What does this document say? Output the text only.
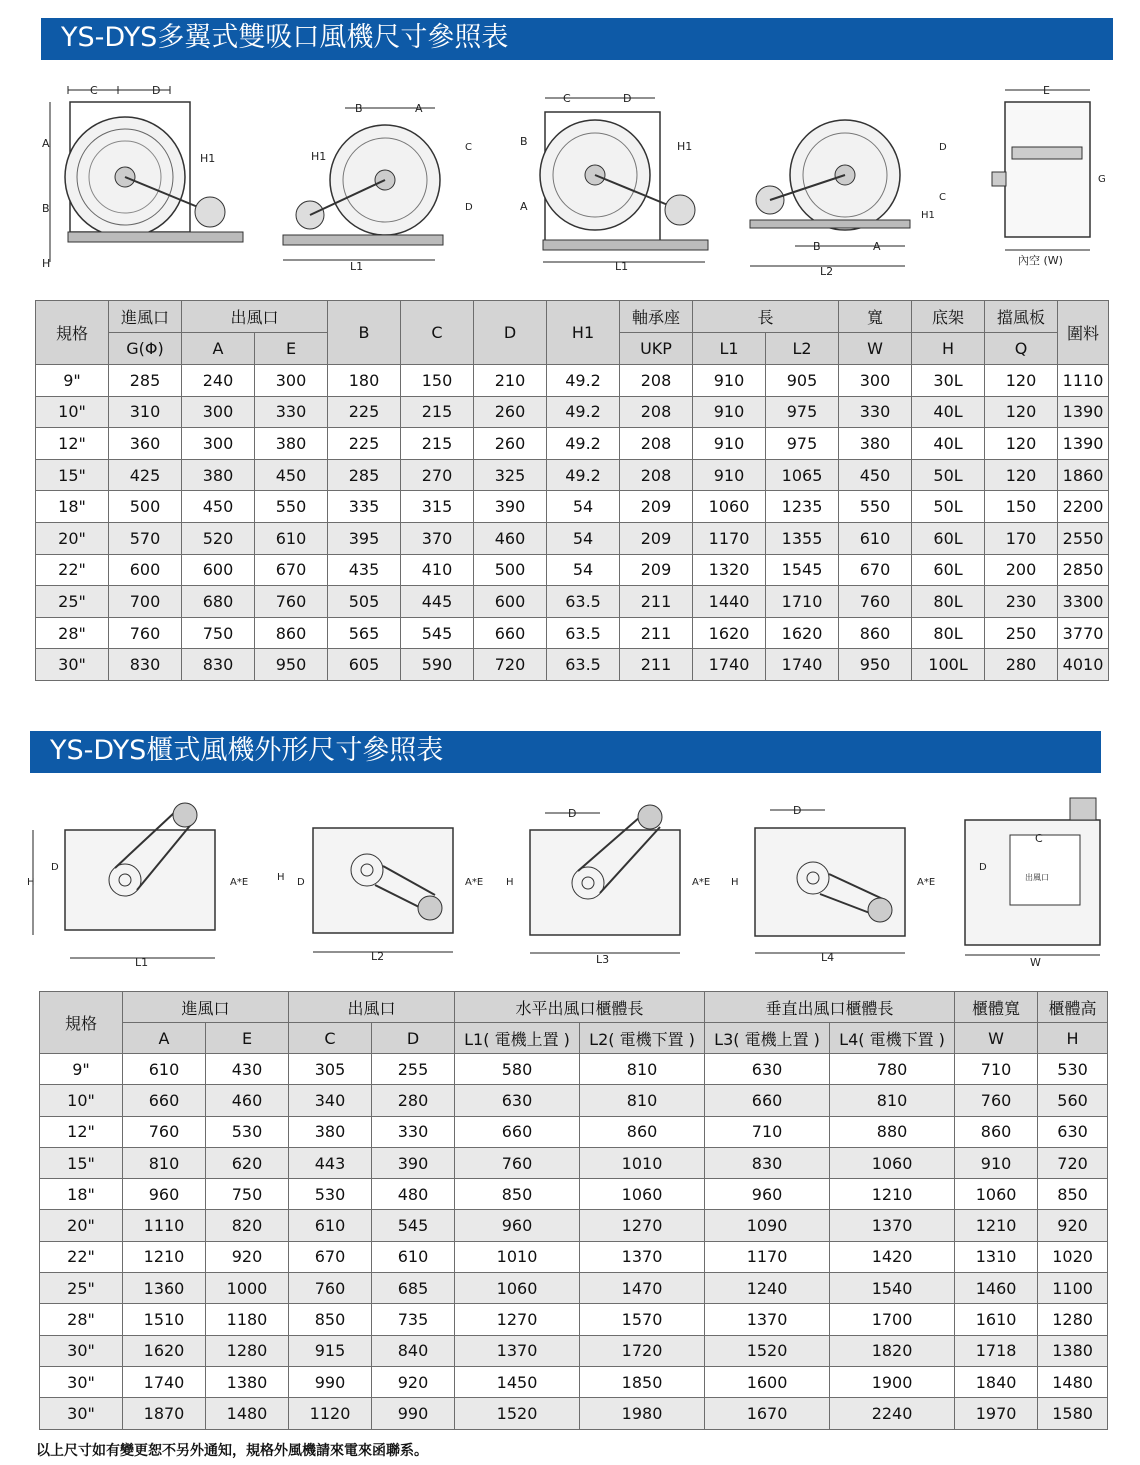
YS-DYS多翼式雙吸口風機尺寸參照表
C	D
A
B
H
H1
B	A
H1
C
D
L1
C	D
B
A
H1
L1
D
C
H1
B	A
L2
E
G
內空 (W)
規格	進風口	出風口		B	C	D	H1	軸承座	長		寬	底架	擋風板	圍料
	G(Φ)	A	E					UKP	L1	L2	W	H	Q	
9"	285	240	300	180	150	210	49.2	208	910	905	300	30L	120	1110
10"	310	300	330	225	215	260	49.2	208	910	975	330	40L	120	1390
12"	360	300	380	225	215	260	49.2	208	910	975	380	40L	120	1390
15"	425	380	450	285	270	325	49.2	208	910	1065	450	50L	120	1860
18"	500	450	550	335	315	390	54	209	1060	1235	550	50L	150	2200
20"	570	520	610	395	370	460	54	209	1170	1355	610	60L	170	2550
22"	600	600	670	435	410	500	54	209	1320	1545	670	60L	200	2850
25"	700	680	760	505	445	600	63.5	211	1440	1710	760	80L	230	3300
28"	760	750	860	565	545	660	63.5	211	1620	1620	860	80L	250	3770
30"	830	830	950	605	590	720	63.5	211	1740	1740	950	100L	280	4010
YS-DYS櫃式風機外形尺寸參照表
H
D
A*E
L1
H D	A*E
L2
D
H	A*E
L3
D
H	A*E
L4
C
D
出風口
W
規格	進風口		出風口		水平出風口櫃體長		垂直出風口櫃體長		櫃體寬	櫃體高
	A	E	C	D	L1( 電機上置 )	L2( 電機下置 )	L3( 電機上置 )	L4( 電機下置 )	W	H
9"	610	430	305	255	580	810	630	780	710	530
10"	660	460	340	280	630	810	660	810	760	560
12"	760	530	380	330	660	860	710	880	860	630
15"	810	620	443	390	760	1010	830	1060	910	720
18"	960	750	530	480	850	1060	960	1210	1060	850
20"	1110	820	610	545	960	1270	1090	1370	1210	920
22"	1210	920	670	610	1010	1370	1170	1420	1310	1020
25"	1360	1000	760	685	1060	1470	1240	1540	1460	1100
28"	1510	1180	850	735	1270	1570	1370	1700	1610	1280
30"	1620	1280	915	840	1370	1720	1520	1820	1718	1380
30"	1740	1380	990	920	1450	1850	1600	1900	1840	1480
30"	1870	1480	1120	990	1520	1980	1670	2240	1970	1580
以上尺寸如有變更恕不另外通知，規格外風機請來電來函聯系。
